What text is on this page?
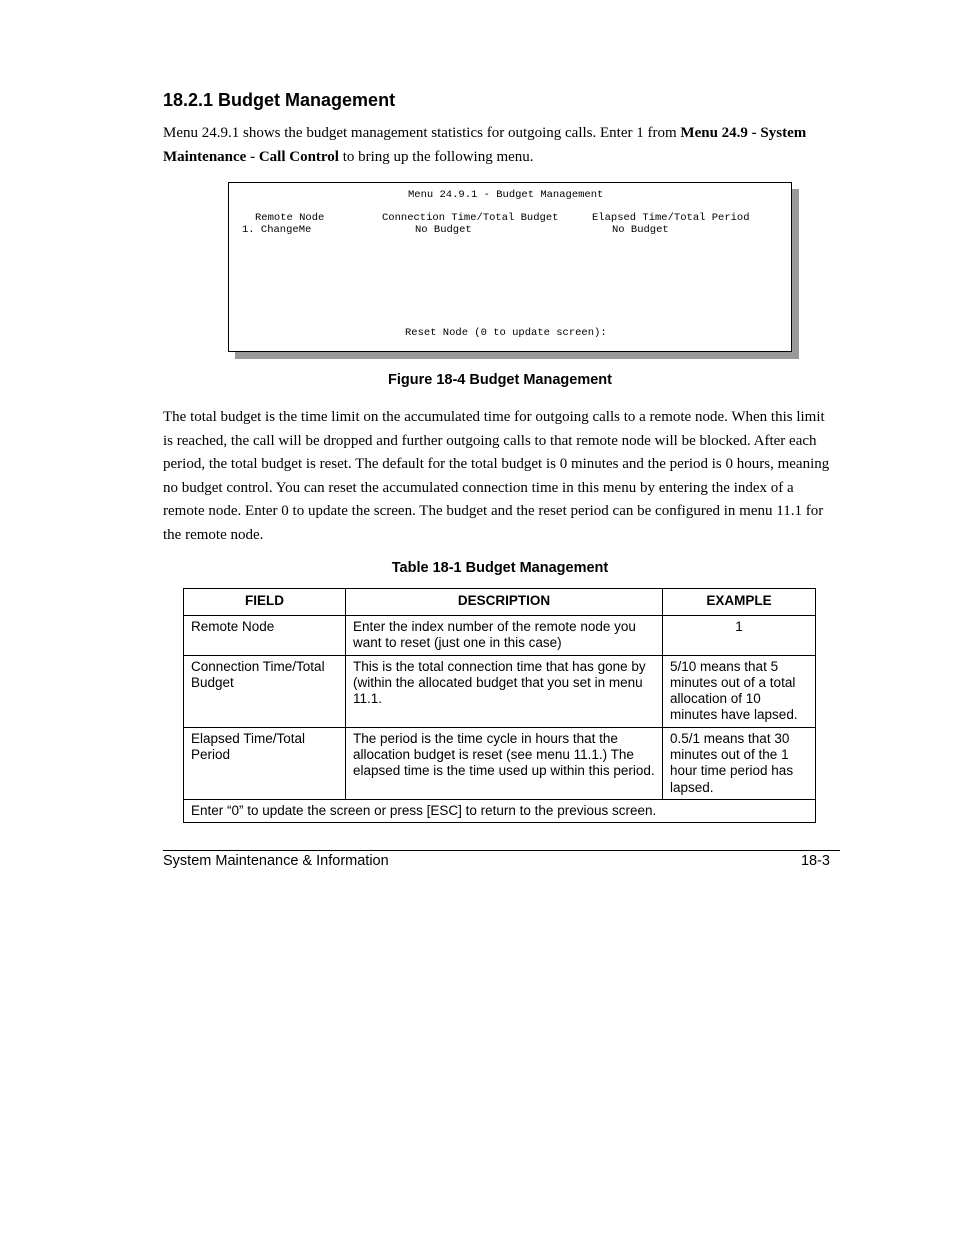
18.2.1 Budget Management

Menu 24.9.1 shows the budget management statistics for outgoing calls. Enter 1 from Menu 24.9 - System Maintenance - Call Control to bring up the following menu.

Menu 24.9.1 - Budget Management
Remote Node	Connection Time/Total Budget	Elapsed Time/Total Period
1. ChangeMe	No Budget	No Budget
Reset Node (0 to update screen):

Figure 18-4 Budget Management

The total budget is the time limit on the accumulated time for outgoing calls to a remote node. When this limit is reached, the call will be dropped and further outgoing calls to that remote node will be blocked. After each period, the total budget is reset. The default for the total budget is 0 minutes and the period is 0 hours, meaning no budget control. You can reset the accumulated connection time in this menu by entering the index of a remote node. Enter 0 to update the screen. The budget and the reset period can be configured in menu 11.1 for the remote node.

Table 18-1 Budget Management

FIELD	DESCRIPTION	EXAMPLE
Remote Node	Enter the index number of the remote node you want to reset (just one in this case)	1
Connection Time/Total Budget	This is the total connection time that has gone by (within the allocated budget that you set in menu 11.1.	5/10 means that 5 minutes out of a total allocation of 10 minutes have lapsed.
Elapsed Time/Total Period	The period is the time cycle in hours that the allocation budget is reset (see menu 11.1.) The elapsed time is the time used up within this period.	0.5/1 means that 30 minutes out of the 1 hour time period has lapsed.
Enter “0” to update the screen or press [ESC] to return to the previous screen.		
System Maintenance & Information	18-3
